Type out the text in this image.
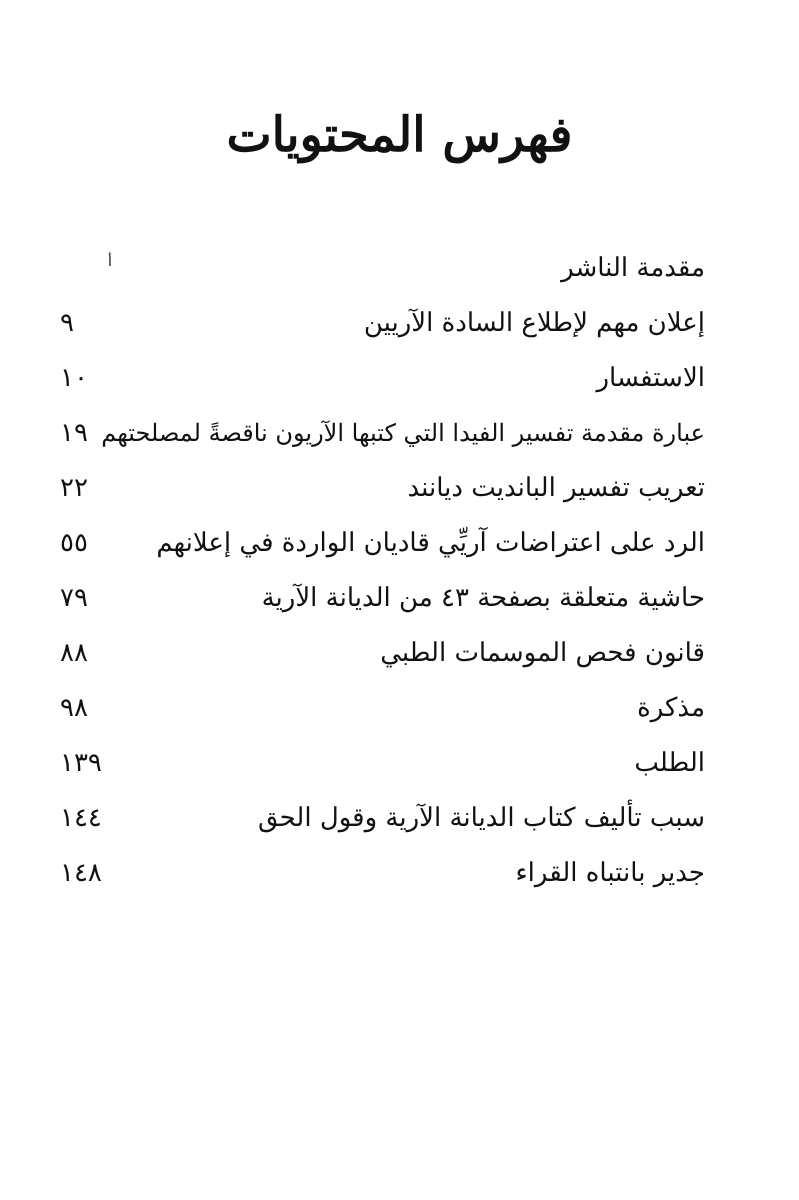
فهرس المحتويات
مقدمة الناشر
أ
إعلان مهم لإطلاع السادة الآريين
٩
الاستفسار
١٠
عبارة مقدمة تفسير الفيدا التي كتبها الآريون ناقصةً لمصلحتهم
١٩
تعريب تفسير الباندیت دیانند
٢٢
الرد على اعتراضات آريِّي قاديان الواردة في إعلانهم
٥٥
حاشية متعلقة بصفحة ٤٣ من الديانة الآرية
٧٩
قانون فحص الموسمات الطبي
٨٨
مذكرة
٩٨
الطلب
١٣٩
سبب تأليف كتاب الديانة الآرية وقول الحق
١٤٤
جدير بانتباه القراء
١٤٨
